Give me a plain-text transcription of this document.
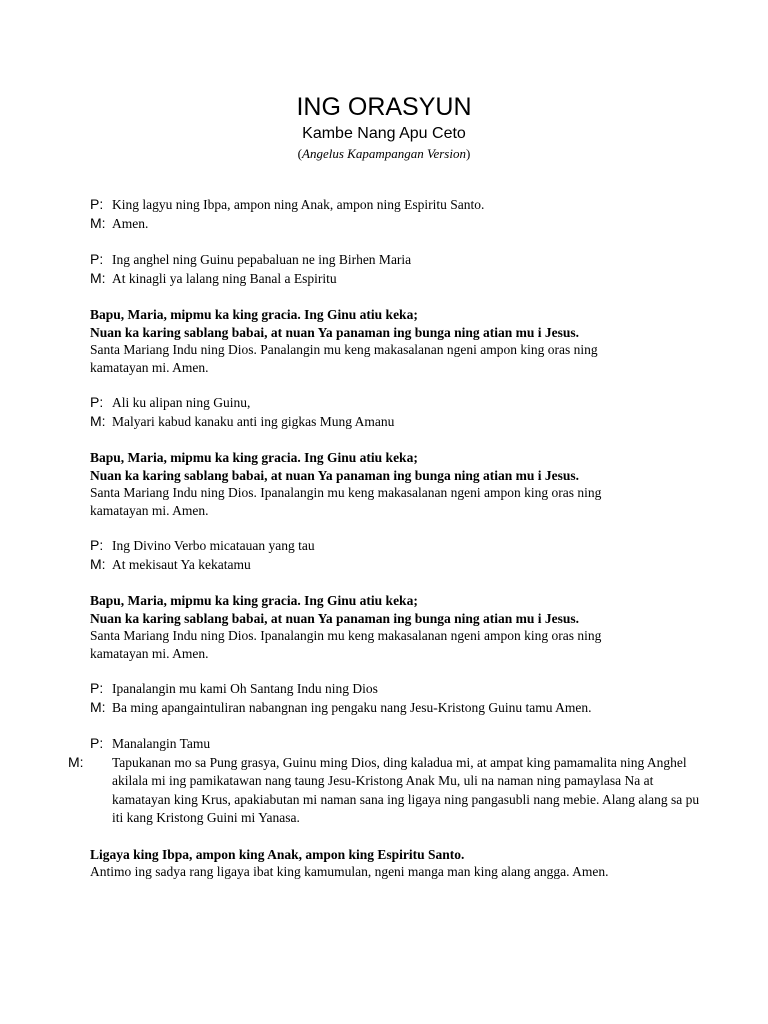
ING ORASYUN
Kambe Nang Apu Ceto
(Angelus Kapampangan Version)
P: King lagyu ning Ibpa, ampon ning Anak, ampon ning Espiritu Santo.
M: Amen.
P: Ing anghel ning Guinu pepabaluan ne ing Birhen Maria
M: At kinagli ya lalang ning Banal a Espiritu
Bapu, Maria, mipmu ka king gracia. Ing Ginu atiu keka;
Nuan ka karing sablang babai, at nuan Ya panaman ing bunga ning atian mu i Jesus.
Santa Mariang Indu ning Dios. Panalangin mu keng makasalanan ngeni ampon king oras ning
kamatayan mi. Amen.
P: Ali ku alipan ning Guinu,
M: Malyari kabud kanaku anti ing gigkas Mung Amanu
Bapu, Maria, mipmu ka king gracia. Ing Ginu atiu keka;
Nuan ka karing sablang babai, at nuan Ya panaman ing bunga ning atian mu i Jesus.
Santa Mariang Indu ning Dios. Ipanalangin mu keng makasalanan ngeni ampon king oras ning
kamatayan mi. Amen.
P: Ing Divino Verbo micatauan yang tau
M: At mekisaut Ya kekatamu
Bapu, Maria, mipmu ka king gracia. Ing Ginu atiu keka;
Nuan ka karing sablang babai, at nuan Ya panaman ing bunga ning atian mu i Jesus.
Santa Mariang Indu ning Dios. Ipanalangin mu keng makasalanan ngeni ampon king oras ning
kamatayan mi. Amen.
P: Ipanalangin mu kami Oh Santang Indu ning Dios
M: Ba ming apangaintuliran nabangnan ing pengaku nang Jesu-Kristong Guinu tamu Amen.
P: Manalangin Tamu
M: Tapukanan mo sa Pung grasya, Guinu ming Dios, ding kaladua mi, at ampat king pamamalita ning Anghel akilala mi ing pamikatawan nang taung Jesu-Kristong Anak Mu, uli na naman ning pamaylasa Na at kamatayan king Krus, apakiabutan mi naman sana ing ligaya ning pangasubli nang mebie. Alang alang sa pu iti kang Kristong Guini mi Yanasa.
Ligaya king Ibpa, ampon king Anak, ampon king Espiritu Santo.
Antimo ing sadya rang ligaya ibat king kamumulan, ngeni manga man king alang angga. Amen.
